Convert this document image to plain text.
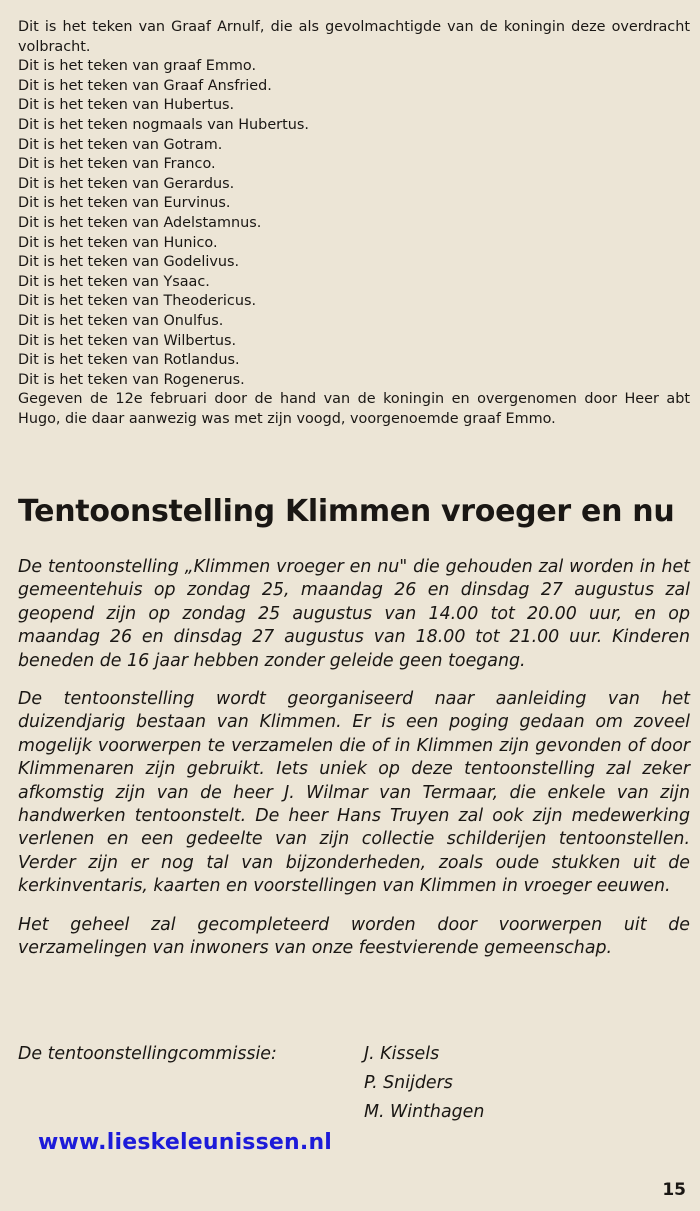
Dit is het teken van Graaf Arnulf, die als gevolmachtigde van de koningin deze overdracht volbracht.
Dit is het teken van graaf Emmo.
Dit is het teken van Graaf Ansfried.
Dit is het teken van Hubertus.
Dit is het teken nogmaals van Hubertus.
Dit is het teken van Gotram.
Dit is het teken van Franco.
Dit is het teken van Gerardus.
Dit is het teken van Eurvinus.
Dit is het teken van Adelstamnus.
Dit is het teken van Hunico.
Dit is het teken van Godelivus.
Dit is het teken van Ysaac.
Dit is het teken van Theodericus.
Dit is het teken van Onulfus.
Dit is het teken van Wilbertus.
Dit is het teken van Rotlandus.
Dit is het teken van Rogenerus.
Gegeven de 12e februari door de hand van de koningin en overgenomen door Heer abt Hugo, die daar aanwezig was met zijn voogd, voorgenoemde graaf Emmo.
Tentoonstelling Klimmen vroeger en nu

De tentoonstelling „Klimmen vroeger en nu" die gehouden zal worden in het gemeentehuis op zondag 25, maandag 26 en dinsdag 27 augustus zal geopend zijn op zondag 25 augustus van 14.00 tot 20.00 uur, en op maandag 26 en dinsdag 27 augustus van 18.00 tot 21.00 uur. Kinderen beneden de 16 jaar hebben zonder geleide geen toegang.

De tentoonstelling wordt georganiseerd naar aanleiding van het duizendjarig bestaan van Klimmen. Er is een poging gedaan om zoveel mogelijk voorwerpen te verzamelen die of in Klimmen zijn gevonden of door Klimmenaren zijn gebruikt. Iets uniek op deze tentoonstelling zal zeker afkomstig zijn van de heer J. Wilmar van Termaar, die enkele van zijn handwerken tentoonstelt. De heer Hans Truyen zal ook zijn medewerking verlenen en een gedeelte van zijn collectie schilderijen tentoonstellen. Verder zijn er nog tal van bijzonderheden, zoals oude stukken uit de kerkinventaris, kaarten en voorstellingen van Klimmen in vroeger eeuwen.

Het geheel zal gecompleteerd worden door voorwerpen uit de verzamelingen van inwoners van onze feestvierende gemeenschap.

De tentoonstellingcommissie:	J. Kissels
P. Snijders
M. Winthagen
www.lieskeleunissen.nl
15
